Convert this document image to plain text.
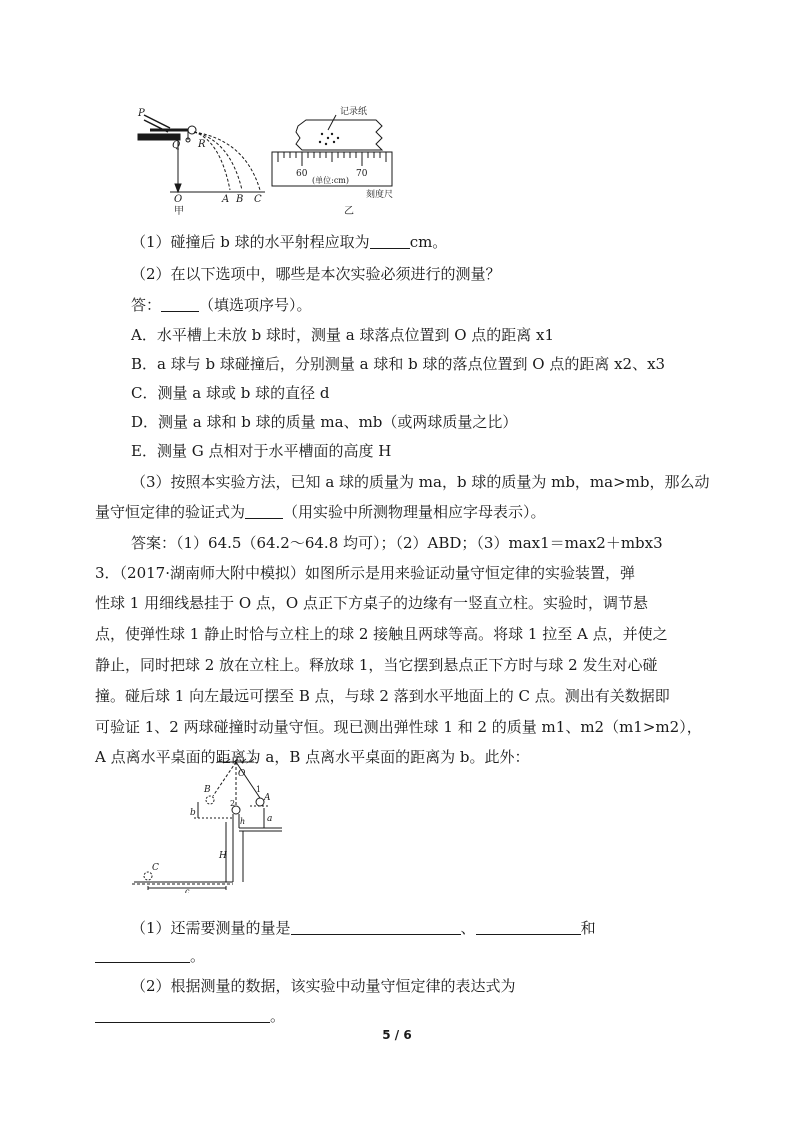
P
Q R
O	A B C
甲
记录纸
60	70
(单位:cm)
刻度尺
乙
（1）碰撞后 b 球的水平射程应取为	cm。
（2）在以下选项中，哪些是本次实验必须进行的测量？
答：	（填选项序号）。
A．水平槽上未放 b 球时，测量 a 球落点位置到 O 点的距离 x1
B．a 球与 b 球碰撞后，分别测量 a 球和 b 球的落点位置到 O 点的距离 x2、x3
C．测量 a 球或 b 球的直径 d
D．测量 a 球和 b 球的质量 ma、mb（或两球质量之比）
E．测量 G 点相对于水平槽面的高度 H
（3）按照本实验方法，已知 a 球的质量为 ma，b 球的质量为 mb，ma>mb，那么动
量守恒定律的验证式为	（用实验中所测物理量相应字母表示）。
答案：（1）64.5（64.2～64.8 均可）；（2）ABD；（3）max1＝max2＋mbx3
3．（2017·湖南师大附中模拟）如图所示是用来验证动量守恒定律的实验装置，弹
性球 1 用细线悬挂于 O 点，O 点正下方桌子的边缘有一竖直立柱。实验时，调节悬
点，使弹性球 1 静止时恰与立柱上的球 2 接触且两球等高。将球 1 拉至 A 点，并使之
静止，同时把球 2 放在立柱上。释放球 1，当它摆到悬点正下方时与球 2 发生对心碰
撞。碰后球 1 向左最远可摆至 B 点，与球 2 落到水平地面上的 C 点。测出有关数据即
可验证 1、2 两球碰撞时动量守恒。现已测出弹性球 1 和 2 的质量 m1、m2（m1>m2），
A 点离水平桌面的距离为 a，B 点离水平桌面的距离为 b。此外：
O
A
B	1
2
a
b
h
H
C
c
（1）还需要测量的量是	、	和
。
（2）根据测量的数据，该实验中动量守恒定律的表达式为
。
5 / 6
